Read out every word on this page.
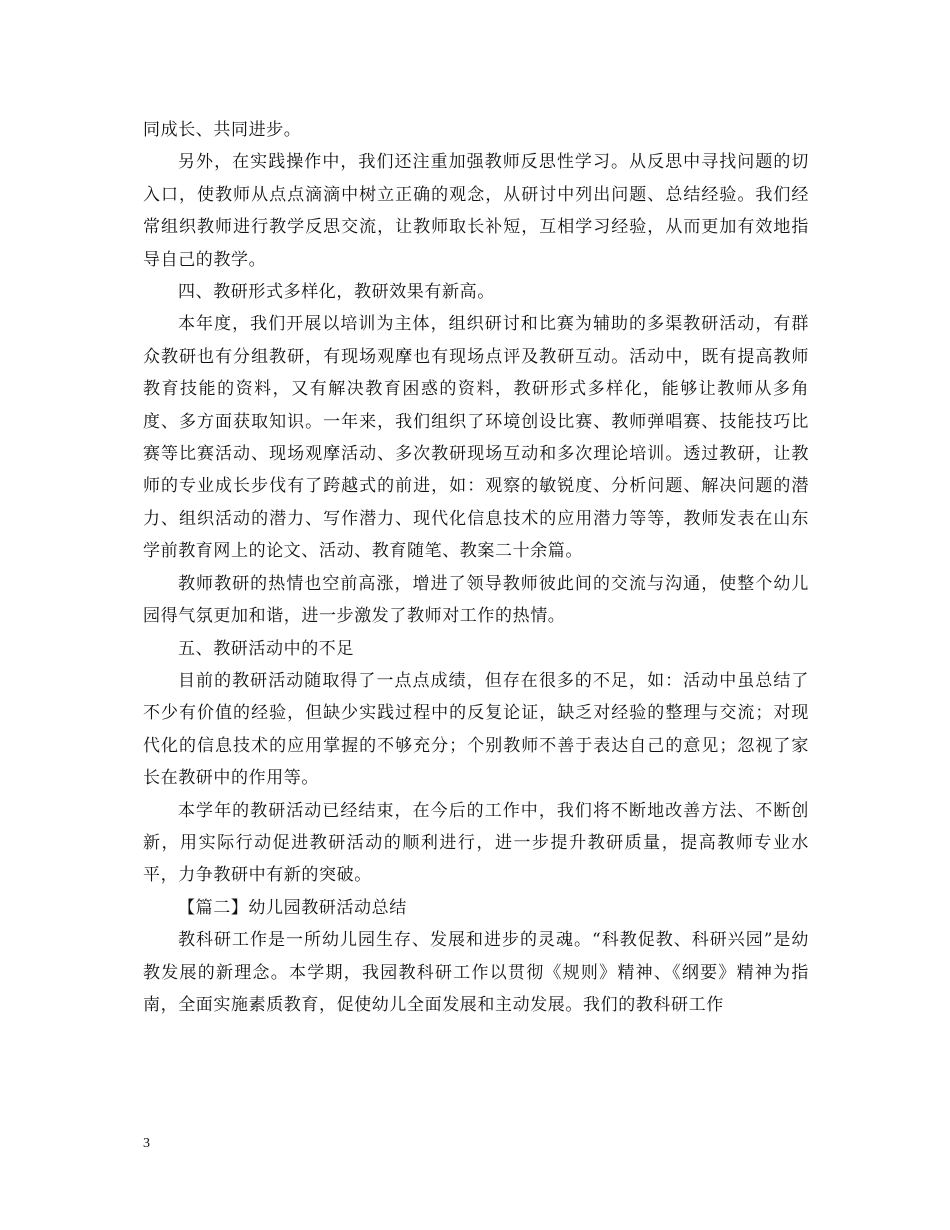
同成长、共同进步。

另外，在实践操作中，我们还注重加强教师反思性学习。从反思中寻找问题的切入口，使教师从点点滴滴中树立正确的观念，从研讨中列出问题、总结经验。我们经常组织教师进行教学反思交流，让教师取长补短，互相学习经验，从而更加有效地指导自己的教学。

四、教研形式多样化，教研效果有新高。

本年度，我们开展以培训为主体，组织研讨和比赛为辅助的多渠教研活动，有群众教研也有分组教研，有现场观摩也有现场点评及教研互动。活动中，既有提高教师教育技能的资料，又有解决教育困惑的资料，教研形式多样化，能够让教师从多角度、多方面获取知识。一年来，我们组织了环境创设比赛、教师弹唱赛、技能技巧比赛等比赛活动、现场观摩活动、多次教研现场互动和多次理论培训。透过教研，让教师的专业成长步伐有了跨越式的前进，如：观察的敏锐度、分析问题、解决问题的潜力、组织活动的潜力、写作潜力、现代化信息技术的应用潜力等等，教师发表在山东学前教育网上的论文、活动、教育随笔、教案二十余篇。

教师教研的热情也空前高涨，增进了领导教师彼此间的交流与沟通，使整个幼儿园得气氛更加和谐，进一步激发了教师对工作的热情。

五、教研活动中的不足

目前的教研活动随取得了一点点成绩，但存在很多的不足，如：活动中虽总结了不少有价值的经验，但缺少实践过程中的反复论证，缺乏对经验的整理与交流；对现代化的信息技术的应用掌握的不够充分；个别教师不善于表达自己的意见；忽视了家长在教研中的作用等。

本学年的教研活动已经结束，在今后的工作中，我们将不断地改善方法、不断创新，用实际行动促进教研活动的顺利进行，进一步提升教研质量，提高教师专业水平，力争教研中有新的突破。

【篇二】幼儿园教研活动总结

教科研工作是一所幼儿园生存、发展和进步的灵魂。“科教促教、科研兴园”是幼教发展的新理念。本学期，我园教科研工作以贯彻《规则》精神、《纲要》精神为指南，全面实施素质教育，促使幼儿全面发展和主动发展。我们的教科研工作

3
